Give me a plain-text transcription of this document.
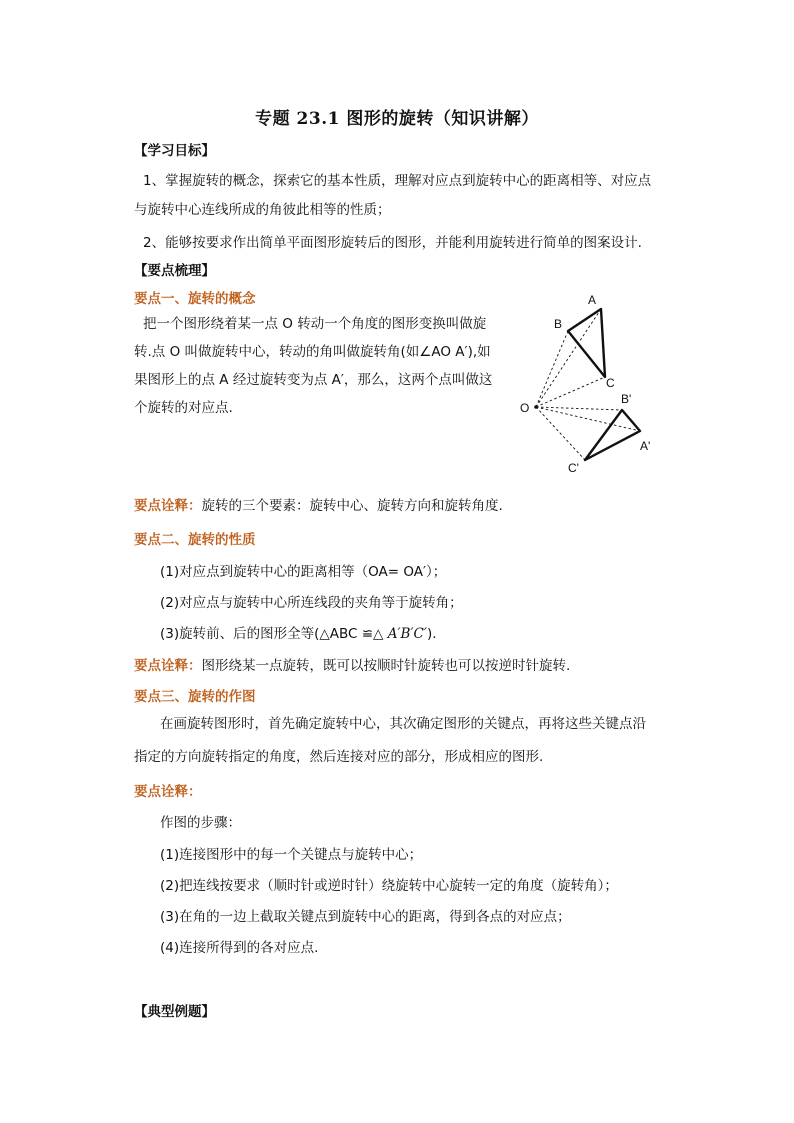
专题 23.1 图形的旋转（知识讲解）
【学习目标】
1、掌握旋转的概念，探索它的基本性质，理解对应点到旋转中心的距离相等、对应点
与旋转中心连线所成的角彼此相等的性质；
2、能够按要求作出简单平面图形旋转后的图形，并能利用旋转进行简单的图案设计.
【要点梳理】
要点一、旋转的概念
把一个图形绕着某一点 O 转动一个角度的图形变换叫做旋
转.点 O 叫做旋转中心，转动的角叫做旋转角(如∠AO A′),如
果图形上的点 A 经过旋转变为点 A′，那么，这两个点叫做这
个旋转的对应点.
A
B
C
O
B'
A'
C'
要点诠释：旋转的三个要素：旋转中心、旋转方向和旋转角度.
要点二、旋转的性质
(1)对应点到旋转中心的距离相等（OA= OA′）；
(2)对应点与旋转中心所连线段的夹角等于旋转角；
(3)旋转前、后的图形全等(△ABC ≌△ A′B′C′).
要点诠释：图形绕某一点旋转，既可以按顺时针旋转也可以按逆时针旋转.
要点三、旋转的作图
在画旋转图形时，首先确定旋转中心，其次确定图形的关键点，再将这些关键点沿
指定的方向旋转指定的角度，然后连接对应的部分，形成相应的图形.
要点诠释：
作图的步骤：
(1)连接图形中的每一个关键点与旋转中心；
(2)把连线按要求（顺时针或逆时针）绕旋转中心旋转一定的角度（旋转角）；
(3)在角的一边上截取关键点到旋转中心的距离，得到各点的对应点；
(4)连接所得到的各对应点.
【典型例题】
